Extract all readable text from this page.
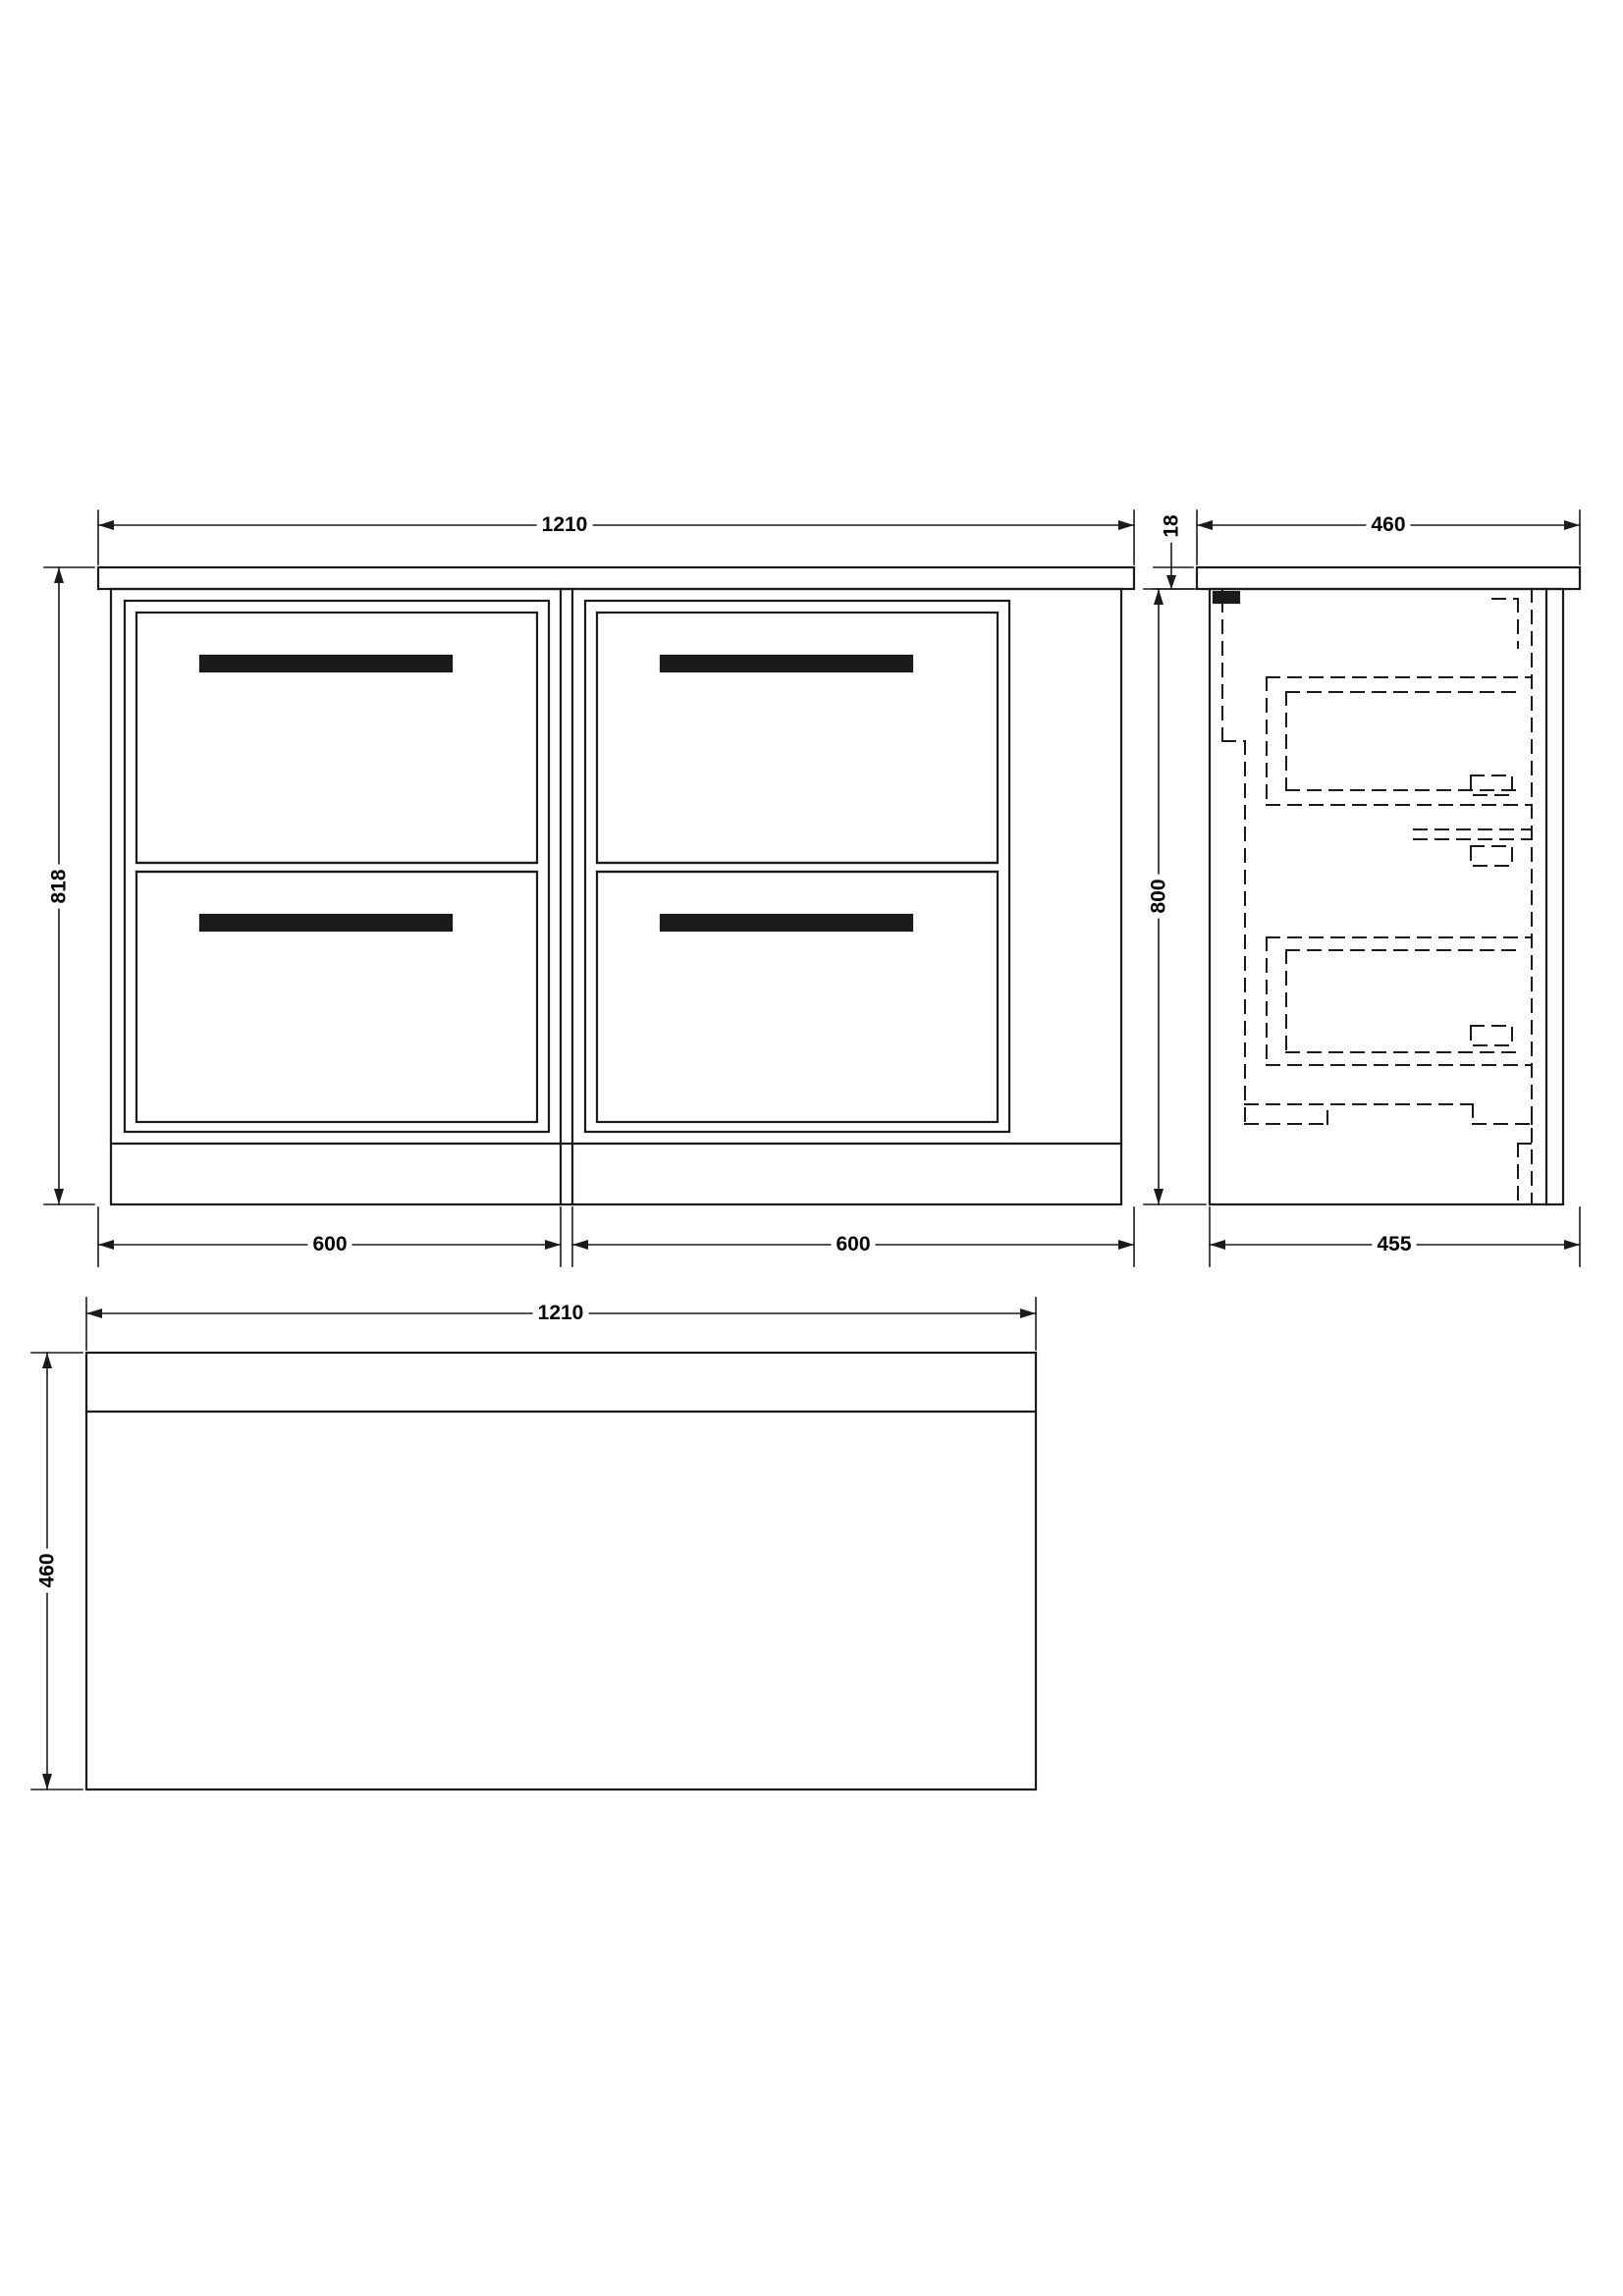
1210
818
600	600
460
18
800
455
1210
460
